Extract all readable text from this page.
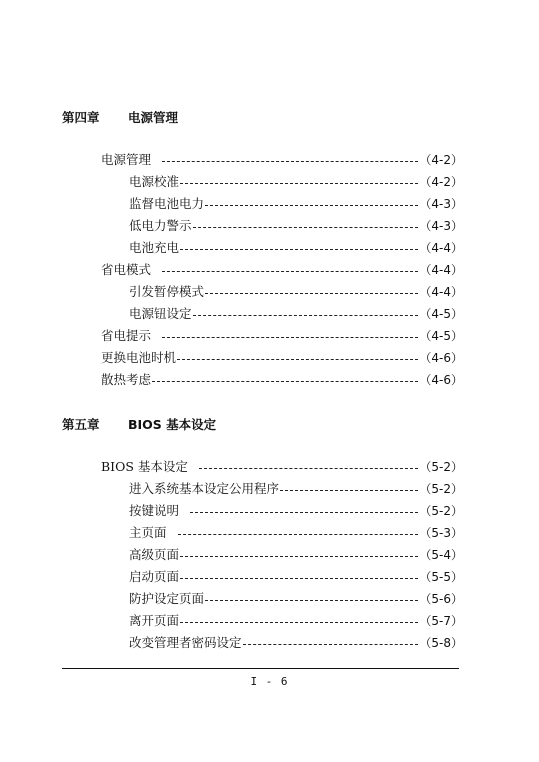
第四章 电源管理
电源管理	（4-2）
电源校准	（4-2）
监督电池电力	（4-3）
低电力警示	（4-3）
电池充电	（4-4）
省电模式	（4-4）
引发暂停模式	（4-4）
电源钮设定	（4-5）
省电提示	（4-5）
更换电池时机	（4-6）
散热考虑	（4-6）
第五章 BIOS 基本设定
BIOS 基本设定	（5-2）
进入系统基本设定公用程序	（5-2）
按键说明	（5-2）
主页面	（5-3）
高级页面	（5-4）
启动页面	（5-5）
防护设定页面	（5-6）
离开页面	（5-7）
改变管理者密码设定	（5-8）
I - 6
